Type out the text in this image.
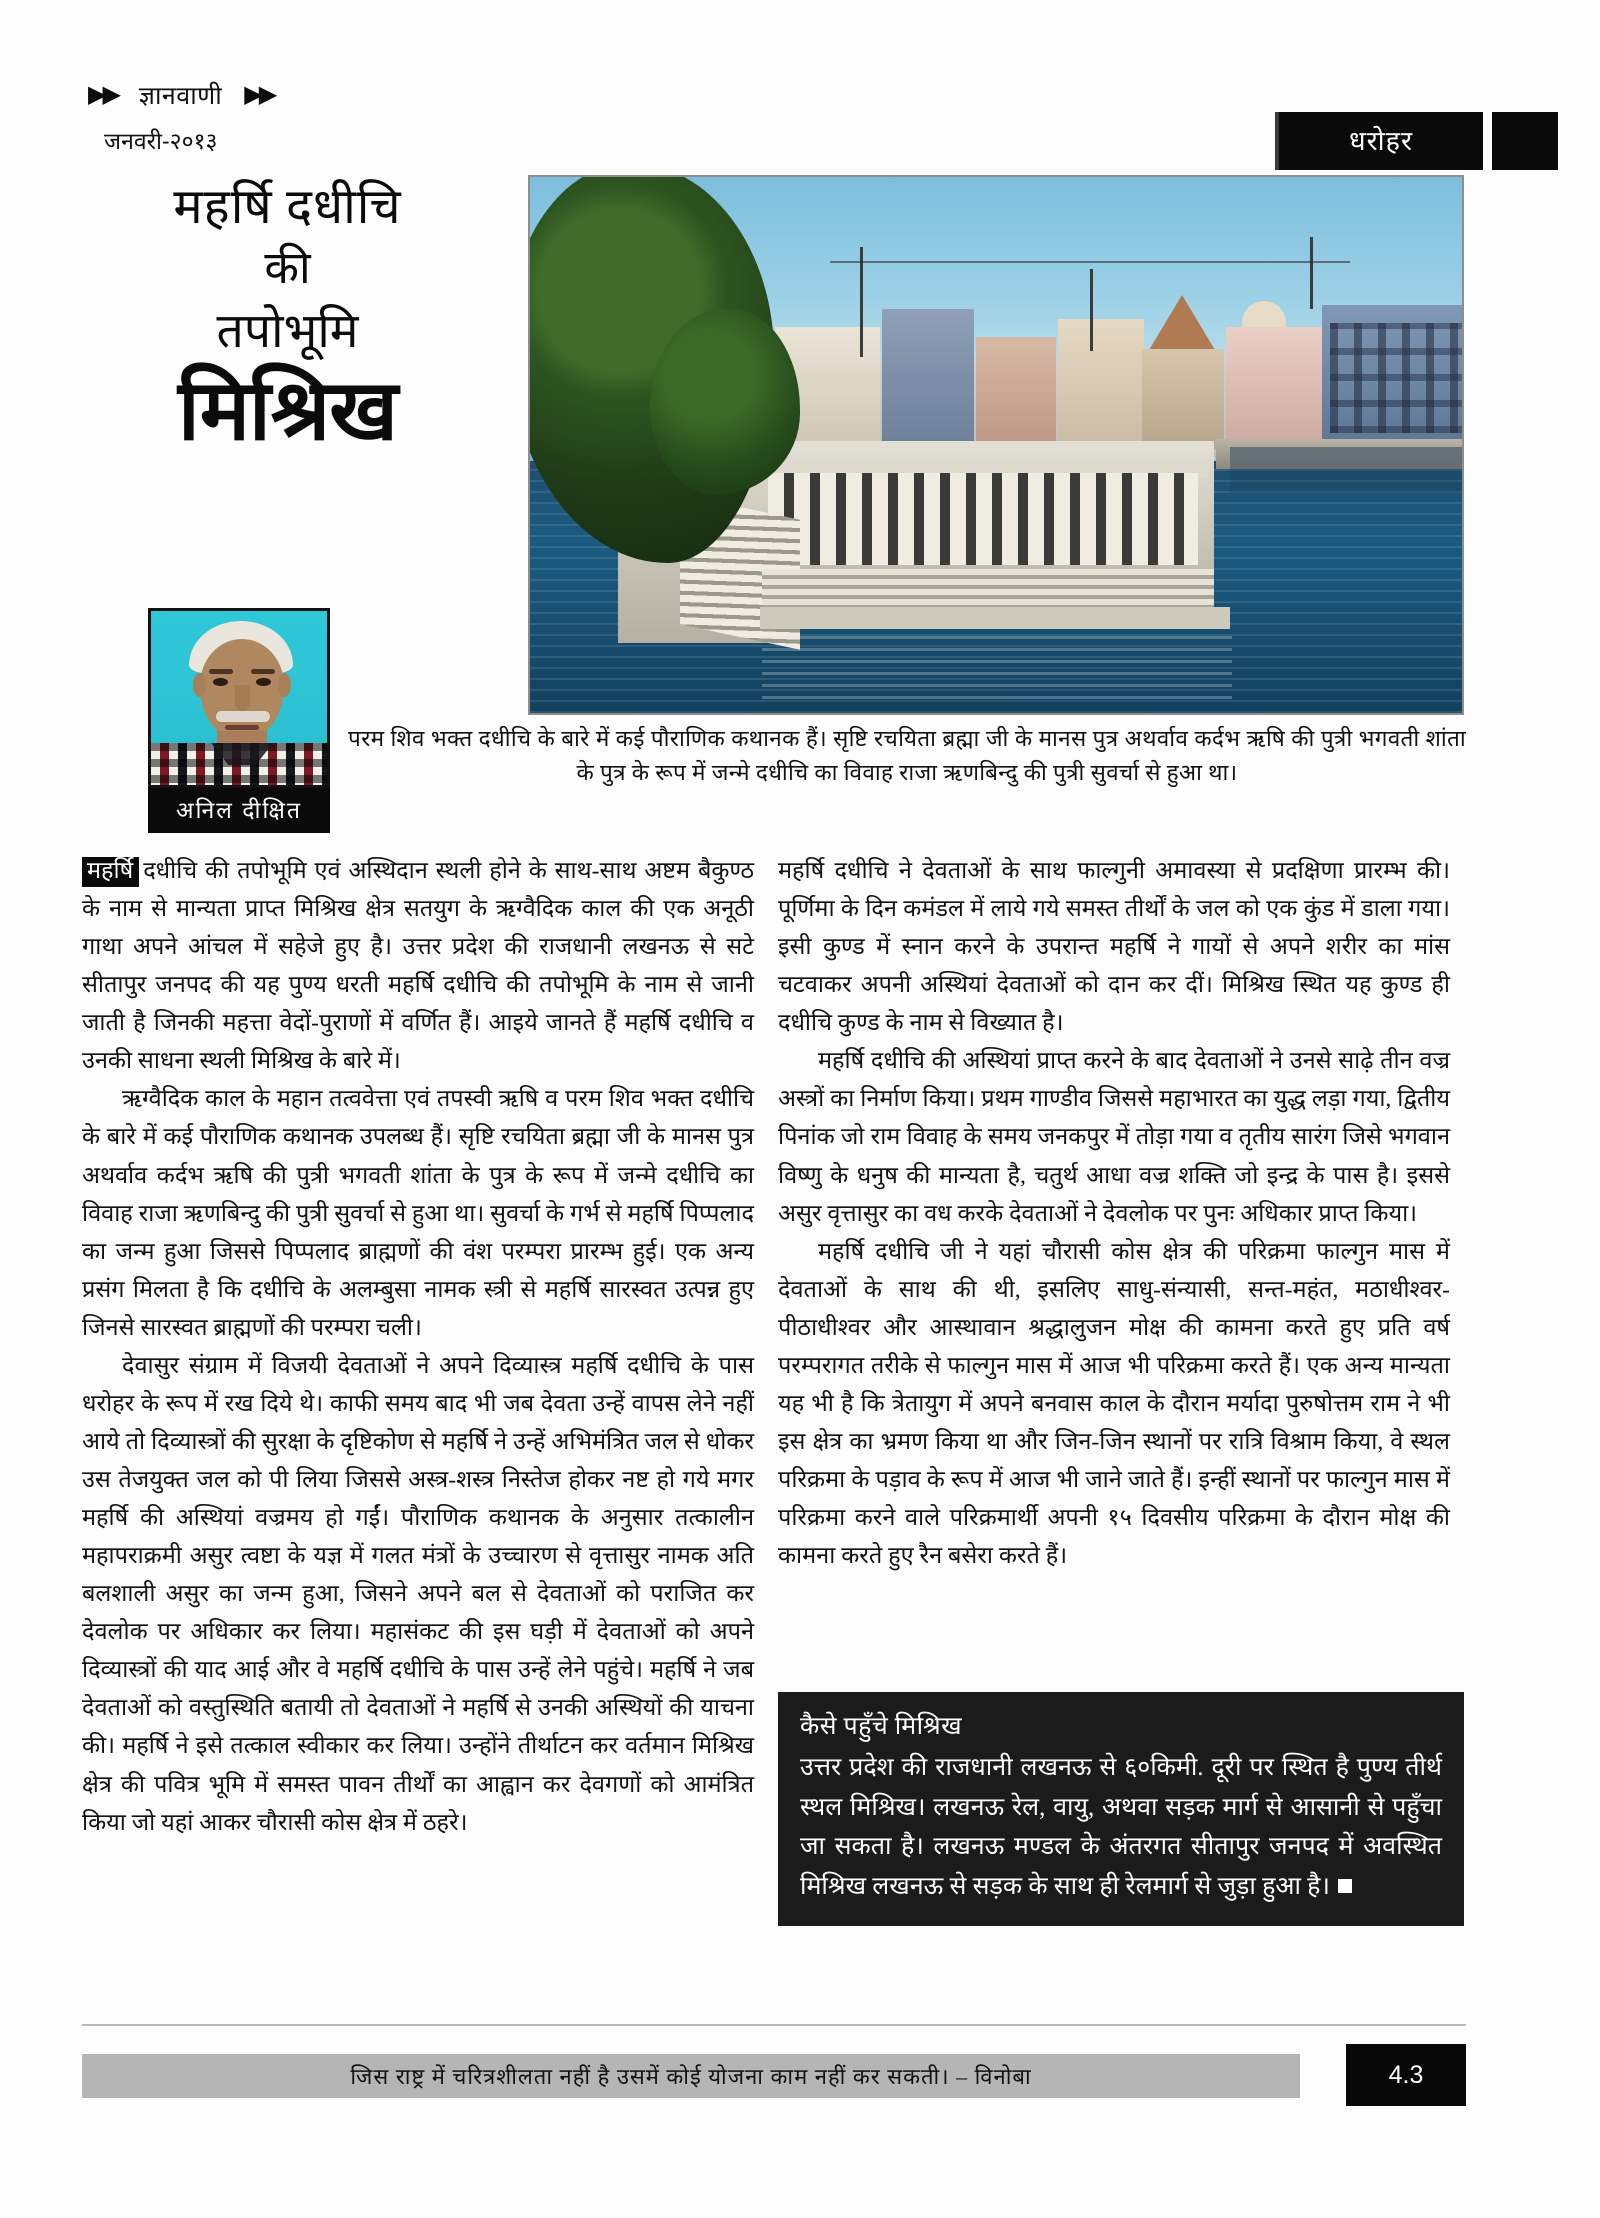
▶▶ ज्ञानवाणी ▶▶
जनवरी-२०१३	धरोहर
महर्षि दधीचि
की
तपोभूमि
मिश्रिख
अनिल दीक्षित
परम शिव भक्त दधीचि के बारे में कई पौराणिक कथानक हैं। सृष्टि रचयिता ब्रह्मा जी के मानस पुत्र अथर्वाव कर्दभ ऋषि की पुत्री भगवती शांता के पुत्र के रूप में जन्मे दधीचि का विवाह राजा ऋणबिन्दु की पुत्री सुवर्चा से हुआ था।

महर्षि दधीचि की तपोभूमि एवं अस्थिदान स्थली होने के साथ-साथ अष्टम बैकुण्ठ के नाम से मान्यता प्राप्त मिश्रिख क्षेत्र सतयुग के ऋग्वैदिक काल की एक अनूठी गाथा अपने आंचल में सहेजे हुए है। उत्तर प्रदेश की राजधानी लखनऊ से सटे सीतापुर जनपद की यह पुण्य धरती महर्षि दधीचि की तपोभूमि के नाम से जानी जाती है जिनकी महत्ता वेदों-पुराणों में वर्णित हैं। आइये जानते हैं महर्षि दधीचि व उनकी साधना स्थली मिश्रिख के बारे में।

ऋग्वैदिक काल के महान तत्ववेत्ता एवं तपस्वी ऋषि व परम शिव भक्त दधीचि के बारे में कई पौराणिक कथानक उपलब्ध हैं। सृष्टि रचयिता ब्रह्मा जी के मानस पुत्र अथर्वाव कर्दभ ऋषि की पुत्री भगवती शांता के पुत्र के रूप में जन्मे दधीचि का विवाह राजा ऋणबिन्दु की पुत्री सुवर्चा से हुआ था। सुवर्चा के गर्भ से महर्षि पिप्पलाद का जन्म हुआ जिससे पिप्पलाद ब्राह्मणों की वंश परम्परा प्रारम्भ हुई। एक अन्य प्रसंग मिलता है कि दधीचि के अलम्बुसा नामक स्त्री से महर्षि सारस्वत उत्पन्न हुए जिनसे सारस्वत ब्राह्मणों की परम्परा चली।

देवासुर संग्राम में विजयी देवताओं ने अपने दिव्यास्त्र महर्षि दधीचि के पास धरोहर के रूप में रख दिये थे। काफी समय बाद भी जब देवता उन्हें वापस लेने नहीं आये तो दिव्यास्त्रों की सुरक्षा के दृष्टिकोण से महर्षि ने उन्हें अभिमंत्रित जल से धोकर उस तेजयुक्त जल को पी लिया जिससे अस्त्र-शस्त्र निस्तेज होकर नष्ट हो गये मगर महर्षि की अस्थियां वज्रमय हो गईं। पौराणिक कथानक के अनुसार तत्कालीन महापराक्रमी असुर त्वष्टा के यज्ञ में गलत मंत्रों के उच्चारण से वृत्तासुर नामक अति बलशाली असुर का जन्म हुआ, जिसने अपने बल से देवताओं को पराजित कर देवलोक पर अधिकार कर लिया। महासंकट की इस घड़ी में देवताओं को अपने दिव्यास्त्रों की याद आई और वे महर्षि दधीचि के पास उन्हें लेने पहुंचे। महर्षि ने जब देवताओं को वस्तुस्थिति बतायी तो देवताओं ने महर्षि से उनकी अस्थियों की याचना की। महर्षि ने इसे तत्काल स्वीकार कर लिया। उन्होंने तीर्थाटन कर वर्तमान मिश्रिख क्षेत्र की पवित्र भूमि में समस्त पावन तीर्थों का आह्वान कर देवगणों को आमंत्रित किया जो यहां आकर चौरासी कोस क्षेत्र में ठहरे।

महर्षि दधीचि ने देवताओं के साथ फाल्गुनी अमावस्या से प्रदक्षिणा प्रारम्भ की। पूर्णिमा के दिन कमंडल में लाये गये समस्त तीर्थों के जल को एक कुंड में डाला गया। इसी कुण्ड में स्नान करने के उपरान्त महर्षि ने गायों से अपने शरीर का मांस चटवाकर अपनी अस्थियां देवताओं को दान कर दीं। मिश्रिख स्थित यह कुण्ड ही दधीचि कुण्ड के नाम से विख्यात है।

महर्षि दधीचि की अस्थियां प्राप्त करने के बाद देवताओं ने उनसे साढ़े तीन वज्र अस्त्रों का निर्माण किया। प्रथम गाण्डीव जिससे महाभारत का युद्ध लड़ा गया, द्वितीय पिनांक जो राम विवाह के समय जनकपुर में तोड़ा गया व तृतीय सारंग जिसे भगवान विष्णु के धनुष की मान्यता है, चतुर्थ आधा वज्र शक्ति जो इन्द्र के पास है। इससे असुर वृत्तासुर का वध करके देवताओं ने देवलोक पर पुनः अधिकार प्राप्त किया।

महर्षि दधीचि जी ने यहां चौरासी कोस क्षेत्र की परिक्रमा फाल्गुन मास में देवताओं के साथ की थी, इसलिए साधु-संन्यासी, सन्त-महंत, मठाधीश्वर-पीठाधीश्वर और आस्थावान श्रद्धालुजन मोक्ष की कामना करते हुए प्रति वर्ष परम्परागत तरीके से फाल्गुन मास में आज भी परिक्रमा करते हैं। एक अन्य मान्यता यह भी है कि त्रेतायुग में अपने बनवास काल के दौरान मर्यादा पुरुषोत्तम राम ने भी इस क्षेत्र का भ्रमण किया था और जिन-जिन स्थानों पर रात्रि विश्राम किया, वे स्थल परिक्रमा के पड़ाव के रूप में आज भी जाने जाते हैं। इन्हीं स्थानों पर फाल्गुन मास में परिक्रमा करने वाले परिक्रमार्थी अपनी १५ दिवसीय परिक्रमा के दौरान मोक्ष की कामना करते हुए रैन बसेरा करते हैं।

कैसे पहुँचे मिश्रिख
उत्तर प्रदेश की राजधानी लखनऊ से ६०किमी. दूरी पर स्थित है पुण्य तीर्थ स्थल मिश्रिख। लखनऊ रेल, वायु, अथवा सड़क मार्ग से आसानी से पहुँचा जा सकता है। लखनऊ मण्डल के अंतरगत सीतापुर जनपद में अवस्थित मिश्रिख लखनऊ से सड़क के साथ ही रेलमार्ग से जुड़ा हुआ है।
जिस राष्ट्र में चरित्रशीलता नहीं है उसमें कोई योजना काम नहीं कर सकती। – विनोबा	4.3
